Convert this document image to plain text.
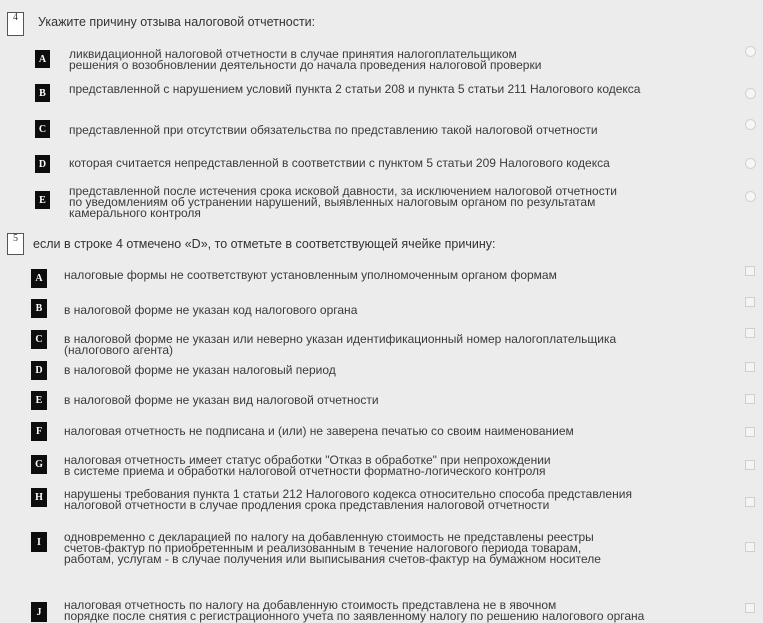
4	Укажите причину отзыва налоговой отчетности:
A	ликвидационной налоговой отчетности в случае принятия налогоплательщиком
решения о возобновлении деятельности до начала проведения налоговой проверки
B	представленной с нарушением условий пункта 2 статьи 208 и пункта 5 статьи 211 Налогового кодекса
C	представленной при отсутствии обязательства по представлению такой налоговой отчетности
D	которая считается непредставленной в соответствии с пунктом 5 статьи 209 Налогового кодекса
E
представленной после истечения срока исковой давности, за исключением налоговой отчетности
по уведомлениям об устранении нарушений, выявленных налоговым органом по результатам
камерального контроля
5	если в строке 4 отмечено «D», то отметьте в соответствующей ячейке причину:
A	налоговые формы не соответствуют установленным уполномоченным органом формам
B	в налоговой форме не указан код налогового органа
C	в налоговой форме не указан или неверно указан идентификационный номер налогоплательщика
(налогового агента)
D	в налоговой форме не указан налоговый период
E	в налоговой форме не указан вид налоговой отчетности
F	налоговая отчетность не подписана и (или) не заверена печатью со своим наименованием
G	налоговая отчетность имеет статус обработки "Отказ в обработке" при непрохождении
в системе приема и обработки налоговой отчетности форматно-логического контроля
H	нарушены требования пункта 1 статьи 212 Налогового кодекса относительно способа представления
налоговой отчетности в случае продления срока представления налоговой отчетности
I	одновременно с декларацией по налогу на добавленную стоимость не представлены реестры
счетов-фактур по приобретенным и реализованным в течение налогового периода товарам,
работам, услугам - в случае получения или выписывания счетов-фактур на бумажном носителе
J	налоговая отчетность по налогу на добавленную стоимость представлена не в явочном
порядке после снятия с регистрационного учета по заявленному налогу по решению налогового органа
